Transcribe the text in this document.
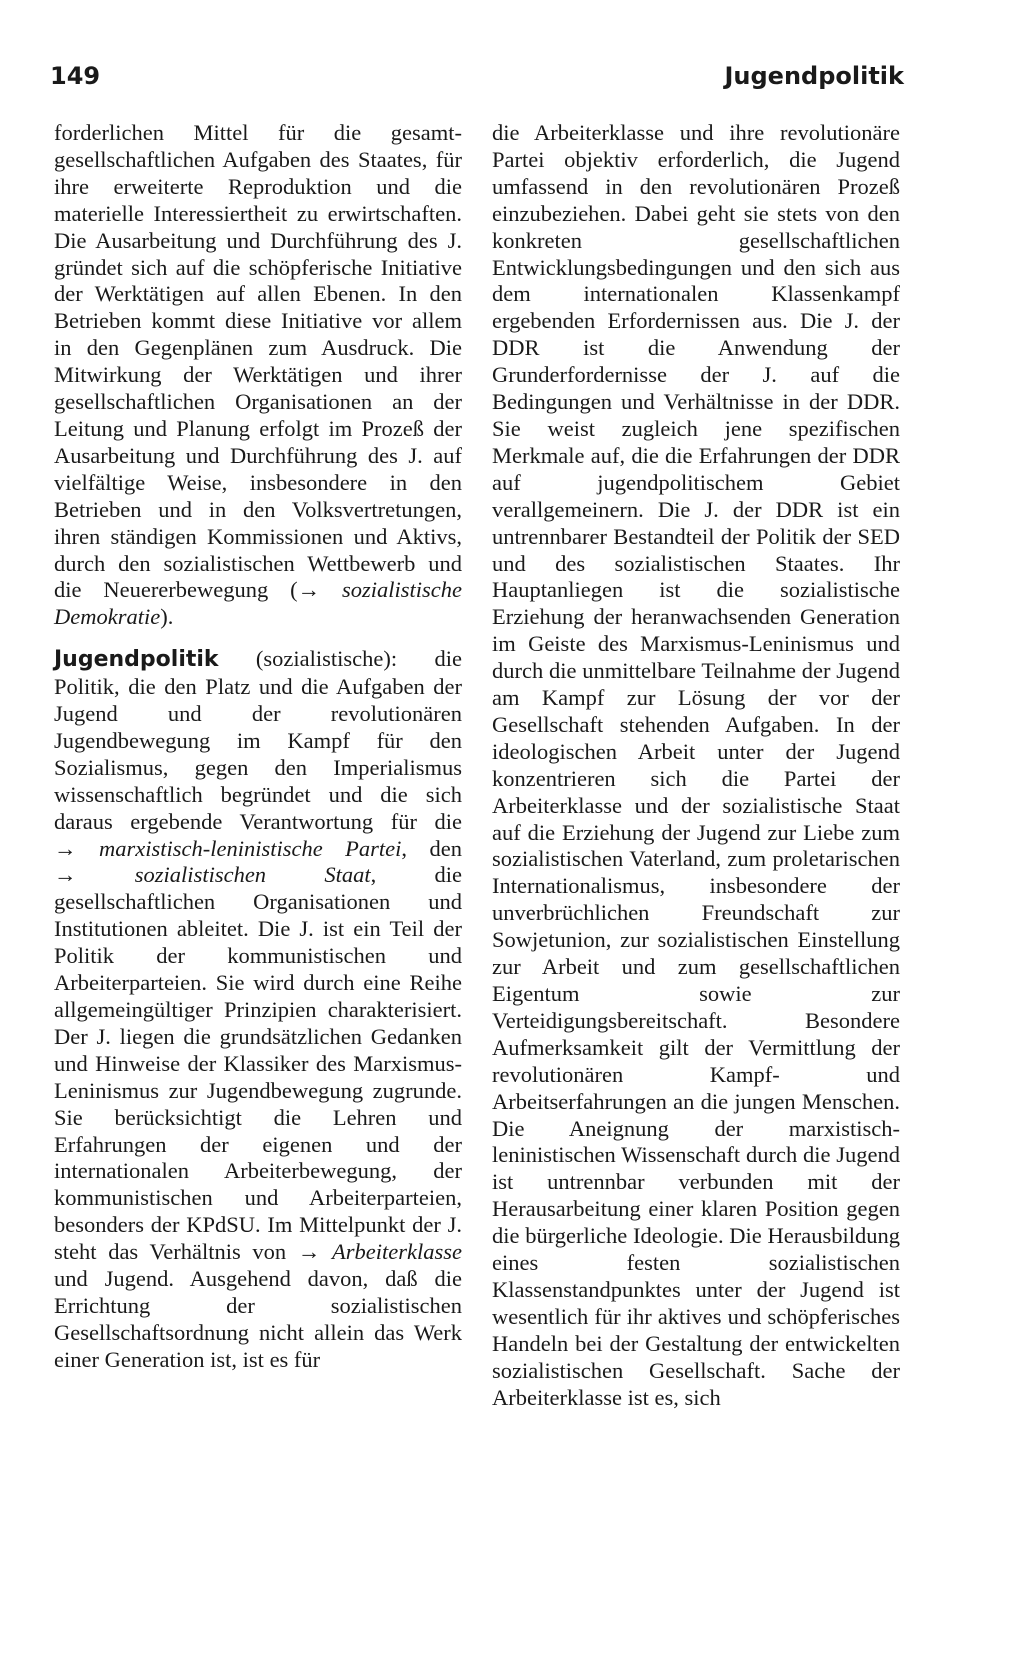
149	Jugendpolitik

forderlichen Mittel für die gesamtgesellschaftlichen Aufgaben des Staates, für ihre erweiterte Reproduktion und die materielle Interessiertheit zu erwirtschaften. Die Ausarbeitung und Durchführung des J. gründet sich auf die schöpferische Initiative der Werktätigen auf allen Ebenen. In den Betrieben kommt diese Initiative vor allem in den Gegenplänen zum Ausdruck. Die Mitwirkung der Werktätigen und ihrer gesellschaftlichen Organisationen an der Leitung und Planung erfolgt im Prozeß der Ausarbeitung und Durchführung des J. auf vielfältige Weise, insbesondere in den Betrieben und in den Volksvertretungen, ihren ständigen Kommissionen und Aktivs, durch den sozialistischen Wettbewerb und die Neuererbewegung (→ sozialistische Demokratie).

Jugendpolitik (sozialistische): die Politik, die den Platz und die Aufgaben der Jugend und der revolutionären Jugendbewegung im Kampf für den Sozialismus, gegen den Imperialismus wissenschaftlich begründet und die sich daraus ergebende Verantwortung für die → marxistisch-leninistische Partei, den →	sozialistischen Staat, die gesellschaftlichen Organisationen und Institutionen ableitet. Die J. ist ein Teil der Politik der kommunistischen und Arbeiterparteien. Sie wird durch eine Reihe allgemeingültiger Prinzipien charakterisiert. Der J. liegen die grundsätzlichen Gedanken und Hinweise der Klassiker des Marxismus-Leninismus zur Jugendbewegung zugrunde. Sie berücksichtigt die Lehren und Erfahrungen der eigenen und der internationalen Arbeiterbewegung, der kommunistischen und Arbeiterparteien, besonders der KPdSU. Im Mittelpunkt der J. steht das Verhältnis von → Arbeiterklasse und Jugend. Ausgehend davon, daß die Errichtung der sozialistischen Gesellschaftsordnung nicht allein das Werk einer Generation ist, ist es für

die Arbeiterklasse und ihre revolutionäre Partei objektiv erforderlich, die Jugend umfassend in den revolutionären Prozeß einzubeziehen. Dabei geht sie stets von den konkreten gesellschaftlichen Entwicklungsbedingungen und den sich aus dem internationalen Klassenkampf ergebenden Erfordernissen aus. Die J. der DDR ist die Anwendung der Grunderfordernisse der J. auf die Bedingungen und Verhältnisse in der DDR. Sie weist zugleich jene spezifischen Merkmale auf, die die Erfahrungen der DDR auf jugendpolitischem Gebiet verallgemeinern. Die J. der DDR ist ein untrennbarer Bestandteil der Politik der SED und des sozialistischen Staates. Ihr Hauptanliegen ist die sozialistische Erziehung der heranwachsenden Generation im Geiste des Marxismus-Leninismus und durch die unmittelbare Teilnahme der Jugend am Kampf zur Lösung der vor der Gesellschaft stehenden Aufgaben. In der ideologischen Arbeit unter der Jugend konzentrieren sich die Partei der Arbeiterklasse und der sozialistische Staat auf die Erziehung der Jugend zur Liebe zum sozialistischen Vaterland, zum proletarischen Internationalismus, insbesondere der unverbrüchlichen Freundschaft zur Sowjetunion, zur sozialistischen Einstellung zur Arbeit und zum gesellschaftlichen Eigentum sowie zur Verteidigungsbereitschaft. Besondere Aufmerksamkeit gilt der Vermittlung der revolutionären Kampf- und Arbeitserfahrungen an die jungen Menschen. Die Aneignung der marxistisch-leninistischen Wissenschaft durch die Jugend ist untrennbar verbunden mit der Herausarbeitung einer klaren Position gegen die bürgerliche Ideologie. Die Herausbildung eines festen sozialistischen Klassenstandpunktes unter der Jugend ist wesentlich für ihr aktives und schöpferisches Handeln bei der Gestaltung der entwickelten sozialistischen Gesellschaft. Sache der Arbeiterklasse ist es, sich
